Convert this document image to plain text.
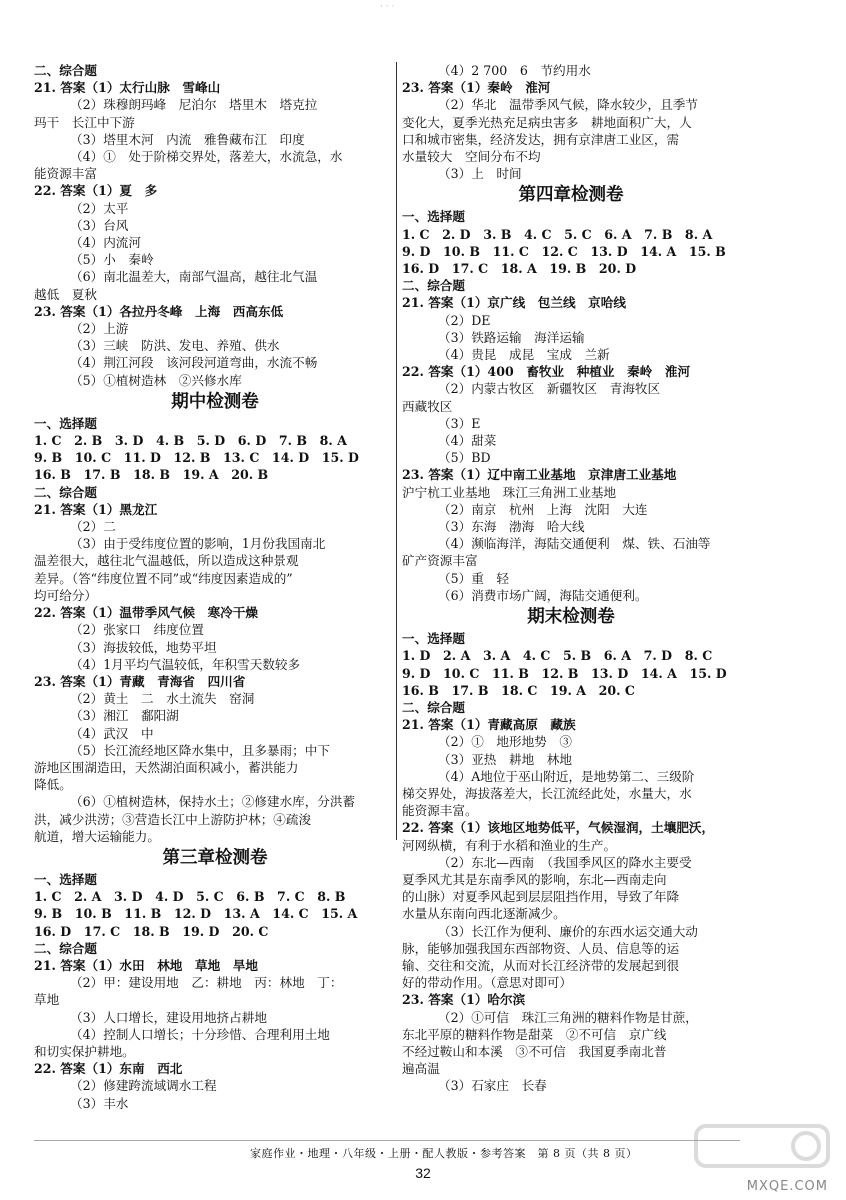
· · ·
二、综合题
21. 答案（1）太行山脉　雪峰山
（2）珠穆朗玛峰　尼泊尔　塔里木　塔克拉
玛干　长江中下游
（3）塔里木河　内流　雅鲁藏布江　印度
（4）①　处于阶梯交界处，落差大，水流急，水
能资源丰富
22. 答案（1）夏　多
（2）太平
（3）台风
（4）内流河
（5）小　秦岭
（6）南北温差大，南部气温高，越往北气温
越低　夏秋
23. 答案（1）各拉丹冬峰　上海　西高东低
（2）上游
（3）三峡　防洪、发电、养殖、供水
（4）荆江河段　该河段河道弯曲，水流不畅
（5）①植树造林　②兴修水库
期中检测卷
一、选择题
1. C　2. B　3. D　4. B　5. D　6. D　7. B　8. A
9. B　10. C　11. D　12. B　13. C　14. D　15. D
16. B　17. B　18. B　19. A　20. B
二、综合题
21. 答案（1）黑龙江
（2）二
（3）由于受纬度位置的影响，1月份我国南北
温差很大，越往北气温越低，所以造成这种景观
差异。（答“纬度位置不同”或“纬度因素造成的”
均可给分）
22. 答案（1）温带季风气候　寒冷干燥
（2）张家口　纬度位置
（3）海拔较低，地势平坦
（4）1月平均气温较低，年积雪天数较多
23. 答案（1）青藏　青海省　四川省
（2）黄土　二　水土流失　窑洞
（3）湘江　鄱阳湖
（4）武汉　中
（5）长江流经地区降水集中，且多暴雨；中下
游地区围湖造田，天然湖泊面积减小，蓄洪能力
降低。
（6）①植树造林，保持水土；②修建水库，分洪蓄
洪，减少洪涝；③营造长江中上游防护林；④疏浚
航道，增大运输能力。
第三章检测卷
一、选择题
1. C　2. A　3. D　4. D　5. C　6. B　7. C　8. B
9. B　10. B　11. B　12. D　13. A　14. C　15. A
16. D　17. C　18. B　19. D　20. C
二、综合题
21. 答案（1）水田　林地　草地　旱地
（2）甲：建设用地　乙：耕地　丙：林地　丁：
草地
（3）人口增长，建设用地挤占耕地
（4）控制人口增长；十分珍惜、合理利用土地
和切实保护耕地。
22. 答案（1）东南　西北
（2）修建跨流域调水工程
（3）丰水
（4）2 700　6　节约用水
23. 答案（1）秦岭　淮河
（2）华北　温带季风气候，降水较少，且季节
变化大，夏季光热充足病虫害多　耕地面积广大，人
口和城市密集，经济发达，拥有京津唐工业区，需
水量较大　空间分布不均
（3）上　时间
第四章检测卷
一、选择题
1. C　2. D　3. B　4. C　5. C　6. A　7. B　8. A
9. D　10. B　11. C　12. C　13. D　14. A　15. B
16. D　17. C　18. A　19. B　20. D
二、综合题
21. 答案（1）京广线　包兰线　京哈线
（2）DE
（3）铁路运输　海洋运输
（4）贵昆　成昆　宝成　兰新
22. 答案（1）400　畜牧业　种植业　秦岭　淮河
（2）内蒙古牧区　新疆牧区　青海牧区
西藏牧区
（3）E
（4）甜菜
（5）BD
23. 答案（1）辽中南工业基地　京津唐工业基地
沪宁杭工业基地　珠江三角洲工业基地
（2）南京　杭州　上海　沈阳　大连
（3）东海　渤海　哈大线
（4）濒临海洋，海陆交通便利　煤、铁、石油等
矿产资源丰富
（5）重　轻
（6）消费市场广阔，海陆交通便利。
期末检测卷
一、选择题
1. D　2. A　3. A　4. C　5. B　6. A　7. D　8. C
9. D　10. C　11. B　12. B　13. D　14. A　15. D
16. B　17. B　18. C　19. A　20. C
二、综合题
21. 答案（1）青藏高原　藏族
（2）①　地形地势　③
（3）亚热　耕地　林地
（4）A地位于巫山附近，是地势第二、三级阶
梯交界处，海拔落差大，长江流经此处，水量大，水
能资源丰富。
22. 答案（1）该地区地势低平，气候湿润，土壤肥沃，
河网纵横，有利于水稻和渔业的生产。
（2）东北—西南　（我国季风区的降水主要受
夏季风尤其是东南季风的影响，东北—西南走向
的山脉）对夏季风起到层层阻挡作用，导致了年降
水量从东南向西北逐渐减少。
（3）长江作为便利、廉价的东西水运交通大动
脉，能够加强我国东西部物资、人员、信息等的运
输、交往和交流，从而对长江经济带的发展起到很
好的带动作用。（意思对即可）
23. 答案（1）哈尔滨
（2）①可信　珠江三角洲的糖料作物是甘蔗，
东北平原的糖料作物是甜菜　②不可信　京广线
不经过鞍山和本溪　③不可信　我国夏季南北普
遍高温
（3）石家庄　长春
家庭作业・地理・八年级・上册・配人教版・参考答案　第 8 页（共 8 页）
32
MXQE.COM
